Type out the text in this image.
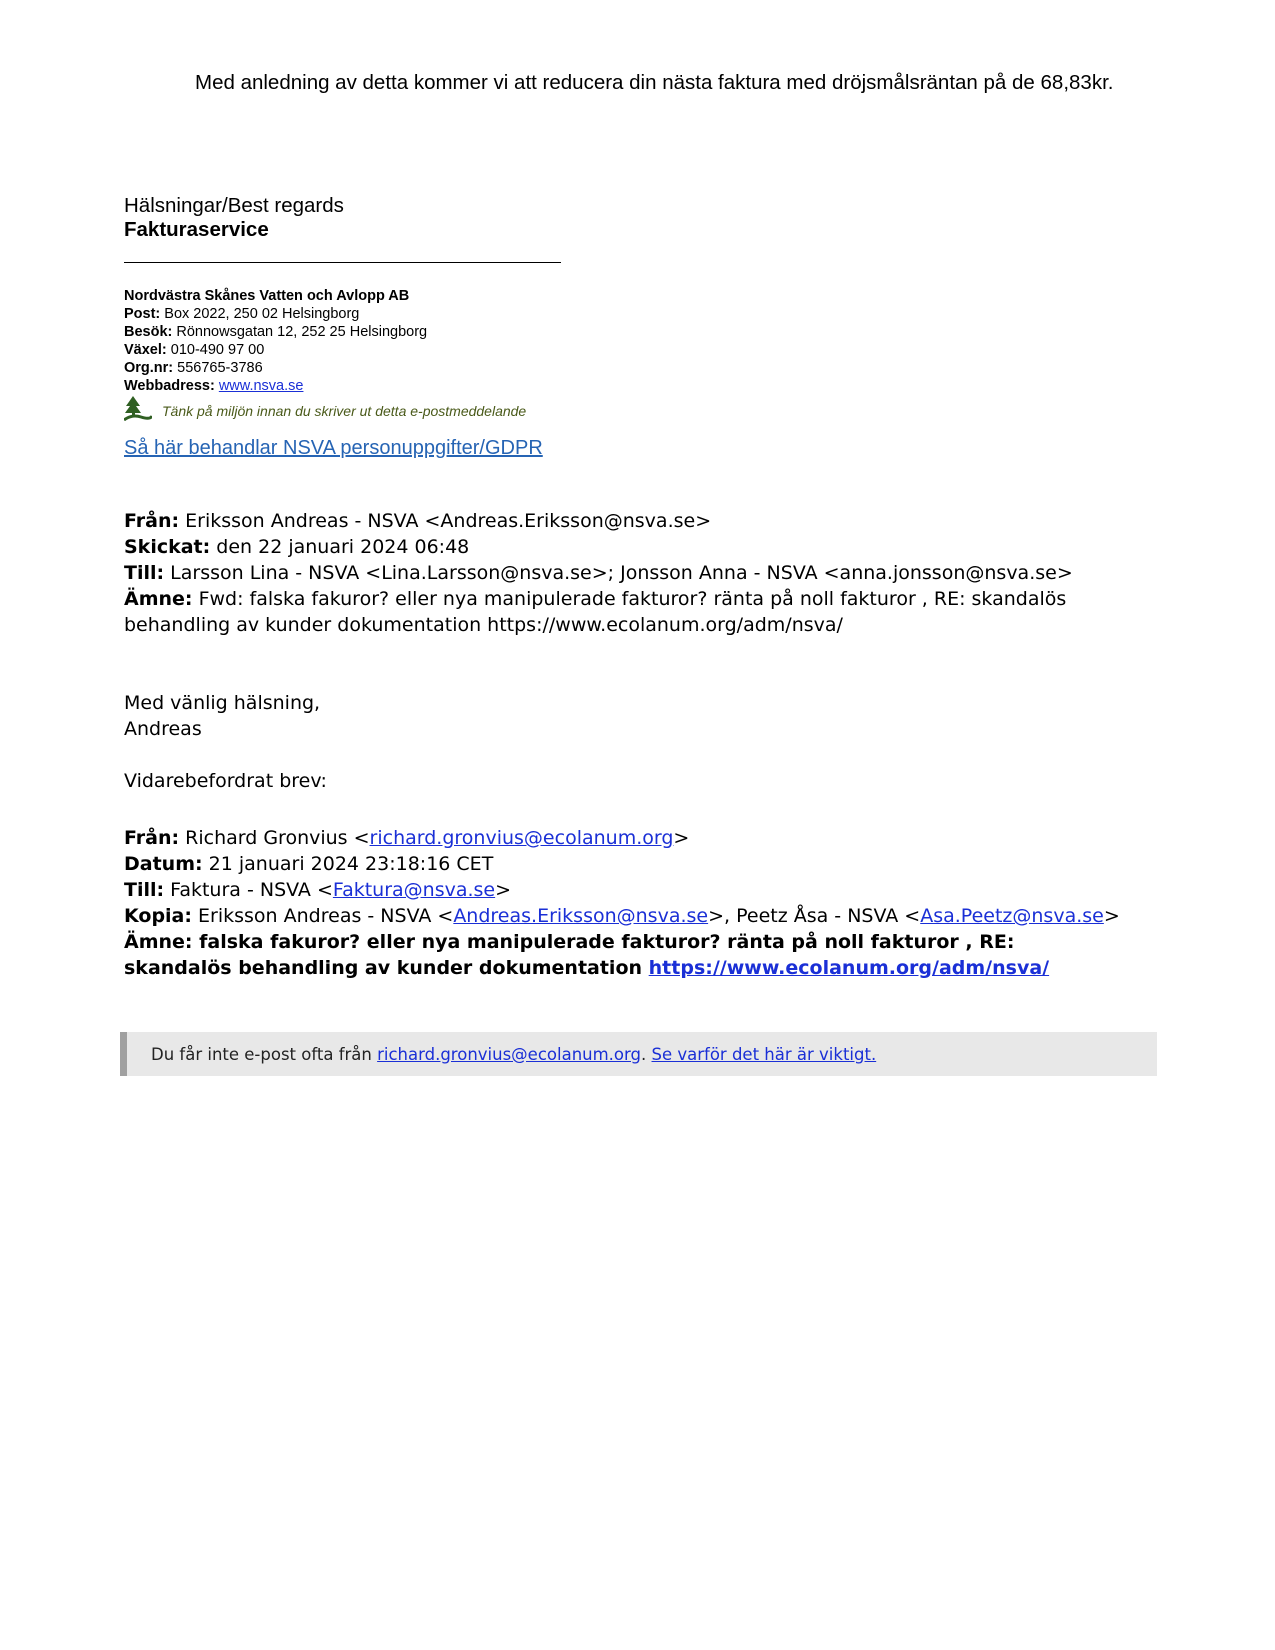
Med anledning av detta kommer vi att reducera din nästa faktura med dröjsmålsräntan på de 68,83kr.
Hälsningar/Best regards
Fakturaservice
Nordvästra Skånes Vatten och Avlopp AB
Post: Box 2022, 250 02 Helsingborg
Besök: Rönnowsgatan 12, 252 25 Helsingborg
Växel: 010-490 97 00
Org.nr: 556765-3786
Webbadress: www.nsva.se
Tänk på miljön innan du skriver ut detta e-postmeddelande
Så här behandlar NSVA personuppgifter/GDPR
Från: Eriksson Andreas - NSVA <Andreas.Eriksson@nsva.se>
Skickat: den 22 januari 2024 06:48
Till: Larsson Lina - NSVA <Lina.Larsson@nsva.se>; Jonsson Anna - NSVA <anna.jonsson@nsva.se>
Ämne: Fwd: falska fakuror? eller nya manipulerade fakturor? ränta på noll fakturor , RE: skandalös behandling av kunder dokumentation https://www.ecolanum.org/adm/nsva/
Med vänlig hälsning,
Andreas
Vidarebefordrat brev:
Från: Richard Gronvius <richard.gronvius@ecolanum.org>
Datum: 21 januari 2024 23:18:16 CET
Till: Faktura - NSVA <Faktura@nsva.se>
Kopia: Eriksson Andreas - NSVA <Andreas.Eriksson@nsva.se>, Peetz Åsa - NSVA <Asa.Peetz@nsva.se>
Ämne: falska fakuror? eller nya manipulerade fakturor? ränta på noll fakturor , RE: skandalös behandling av kunder dokumentation https://www.ecolanum.org/adm/nsva/
Du får inte e-post ofta från
richard.gronvius@ecolanum.org .
Se varför det här är viktigt.
